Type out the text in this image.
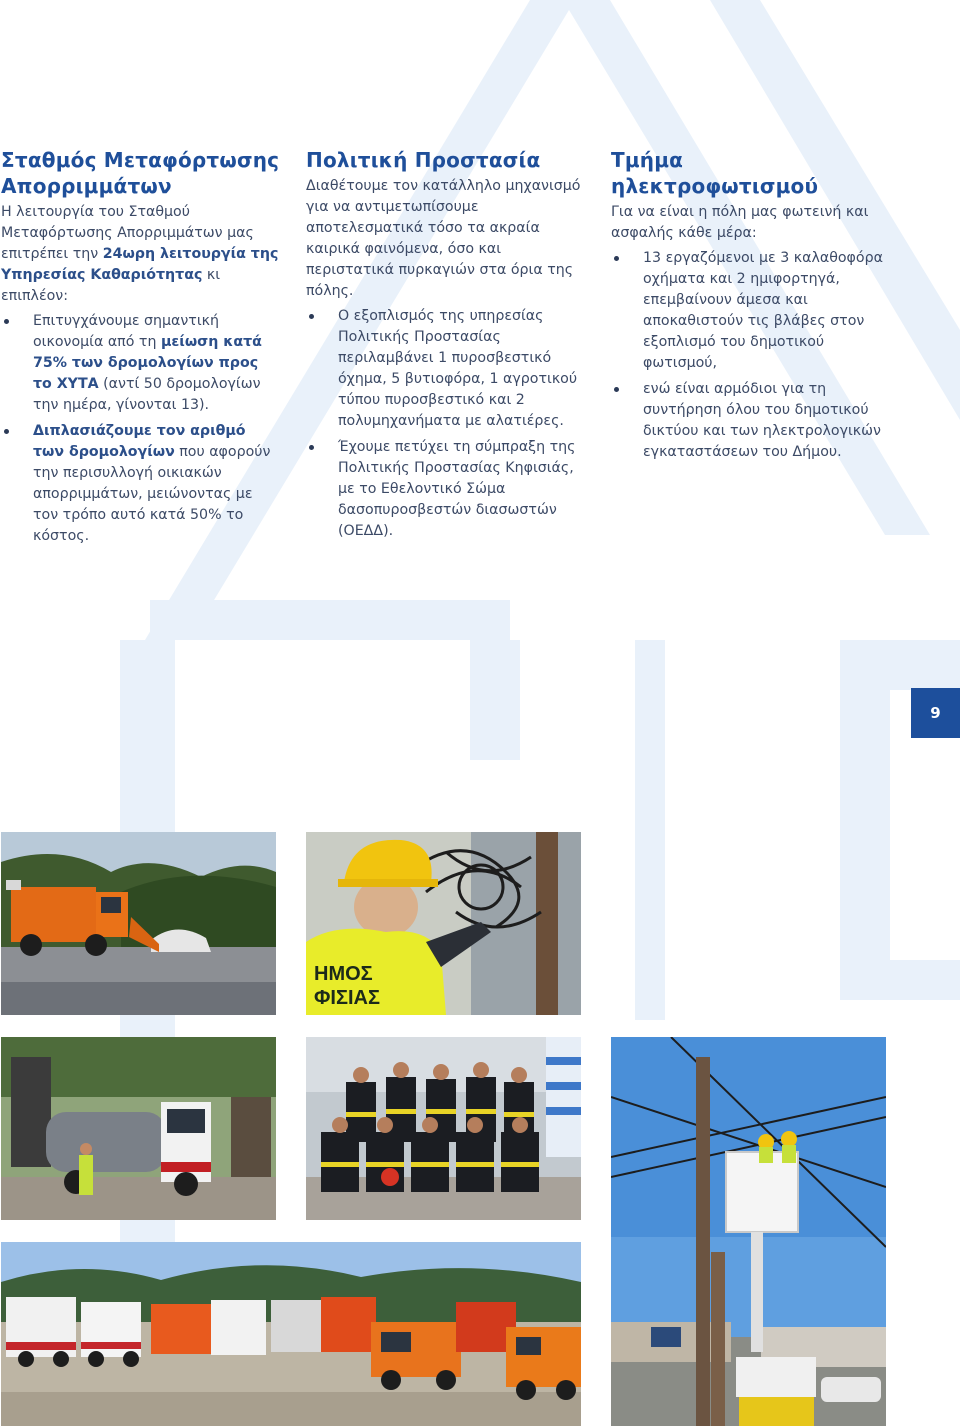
Σταθμός Μεταφόρτωσης Απορριμμάτων

Η λειτουργία του Σταθμού Μεταφόρτωσης Απορριμμάτων μας επιτρέπει την 24ωρη λειτουργία της Υπηρεσίας Καθαριότητας κι επιπλέον:

Επιτυγχάνουμε σημαντική οικονομία από τη μείωση κατά 75% των δρομολογίων προς το ΧΥΤΑ (αντί 50 δρομολογίων την ημέρα, γίνονται 13).
Διπλασιάζουμε τον αριθμό των δρομολογίων που αφορούν την περισυλλογή οικιακών απορριμμάτων, μειώνοντας με τον τρόπο αυτό κατά 50% το κόστος.
Πολιτική Προστασία

Διαθέτουμε τον κατάλληλο μηχανισμό για να αντιμετωπίσουμε αποτελεσματικά τόσο τα ακραία καιρικά φαινόμενα, όσο και περιστατικά πυρκαγιών στα όρια της πόλης.

Ο εξοπλισμός της υπηρεσίας Πολιτικής Προστασίας περιλαμβάνει 1 πυροσβεστικό όχημα, 5 βυτιοφόρα, 1 αγροτικού τύπου πυροσβεστικό και 2 πολυμηχανήματα με αλατιέρες.
Έχουμε πετύχει τη σύμπραξη της Πολιτικής Προστασίας Κηφισιάς, με το Εθελοντικό Σώμα δασοπυροσβεστών διασωστών (ΟΕΔΔ).
Τμήμα ηλεκτροφωτισμού

Για να είναι η πόλη μας φωτεινή και ασφαλής κάθε μέρα:

13 εργαζόμενοι με 3 καλαθοφόρα οχήματα και 2 ημιφορτηγά, επεμβαίνουν άμεσα και αποκαθιστούν τις βλάβες στον εξοπλισμό του δημοτικού φωτισμού,
ενώ είναι αρμόδιοι για τη συντήρηση όλου του δημοτικού δικτύου και των ηλεκτρολογικών εγκαταστάσεων του Δήμου.
9
ΗΜΟΣ
ΦΙΣΙΑΣ
